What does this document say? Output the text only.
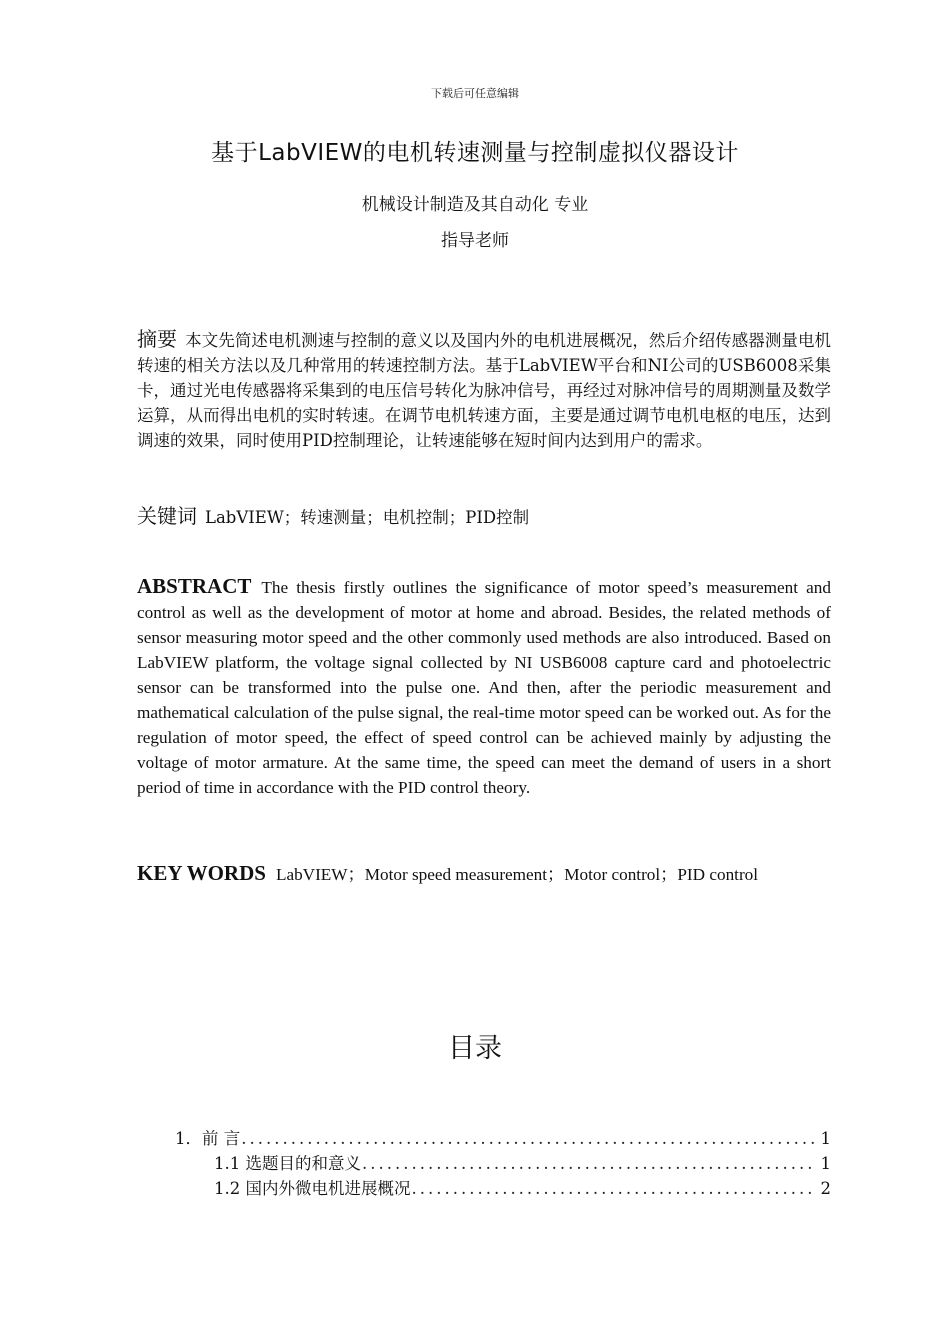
下载后可任意编辑
基于LabVIEW的电机转速测量与控制虚拟仪器设计
机械设计制造及其自动化 专业
指导老师
摘要 本文先简述电机测速与控制的意义以及国内外的电机进展概况，然后介绍传感器测量电机转速的相关方法以及几种常用的转速控制方法。基于LabVIEW平台和NI公司的USB6008采集卡，通过光电传感器将采集到的电压信号转化为脉冲信号，再经过对脉冲信号的周期测量及数学运算，从而得出电机的实时转速。在调节电机转速方面，主要是通过调节电机电枢的电压，达到调速的效果，同时使用PID控制理论，让转速能够在短时间内达到用户的需求。
关键词 LabVIEW；转速测量；电机控制；PID控制
ABSTRACT The thesis firstly outlines the significance of motor speed’s measurement and control as well as the development of motor at home and abroad. Besides, the related methods of sensor measuring motor speed and the other commonly used methods are also introduced. Based on LabVIEW platform, the voltage signal collected by NI USB6008 capture card and photoelectric sensor can be transformed into the pulse one. And then, after the periodic measurement and mathematical calculation of the pulse signal, the real-time motor speed can be worked out. As for the regulation of motor speed, the effect of speed control can be achieved mainly by adjusting the voltage of motor armature. At the same time, the speed can meet the demand of users in a short period of time in accordance with the PID control theory.
KEY WORDS LabVIEW；Motor speed measurement；Motor control；PID control
目录
1．前 言 .....	1
1.1 选题目的和意义 .....	1
1.2 国内外微电机进展概况 .....	2
